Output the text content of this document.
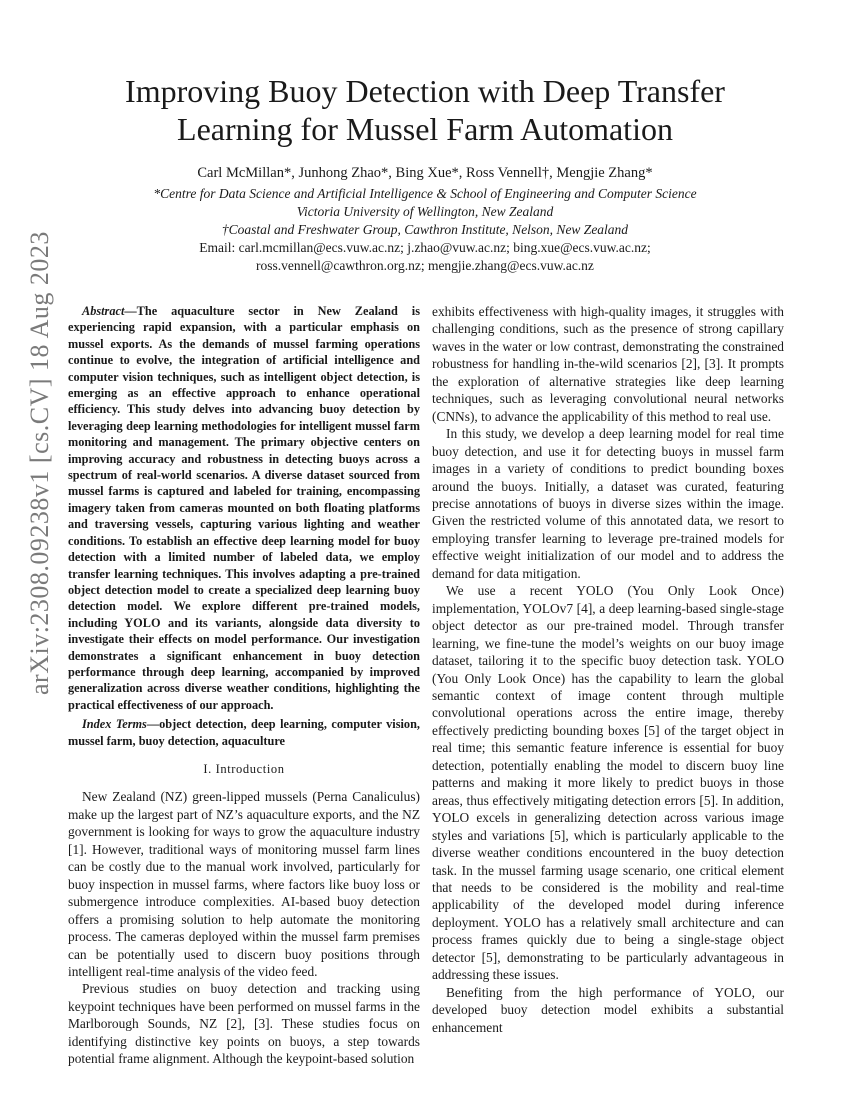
arXiv:2308.09238v1 [cs.CV] 18 Aug 2023
Improving Buoy Detection with Deep Transfer
Learning for Mussel Farm Automation
Carl McMillan*, Junhong Zhao*, Bing Xue*, Ross Vennell†, Mengjie Zhang*
*Centre for Data Science and Artificial Intelligence & School of Engineering and Computer Science
Victoria University of Wellington, New Zealand
†Coastal and Freshwater Group, Cawthron Institute, Nelson, New Zealand
Email: carl.mcmillan@ecs.vuw.ac.nz; j.zhao@vuw.ac.nz; bing.xue@ecs.vuw.ac.nz;
ross.vennell@cawthron.org.nz; mengjie.zhang@ecs.vuw.ac.nz

Abstract—The aquaculture sector in New Zealand is experiencing rapid expansion, with a particular emphasis on mussel exports. As the demands of mussel farming operations continue to evolve, the integration of artificial intelligence and computer vision techniques, such as intelligent object detection, is emerging as an effective approach to enhance operational efficiency. This study delves into advancing buoy detection by leveraging deep learning methodologies for intelligent mussel farm monitoring and management. The primary objective centers on improving accuracy and robustness in detecting buoys across a spectrum of real-world scenarios. A diverse dataset sourced from mussel farms is captured and labeled for training, encompassing imagery taken from cameras mounted on both floating platforms and traversing vessels, capturing various lighting and weather conditions. To establish an effective deep learning model for buoy detection with a limited number of labeled data, we employ transfer learning techniques. This involves adapting a pre-trained object detection model to create a specialized deep learning buoy detection model. We explore different pre-trained models, including YOLO and its variants, alongside data diversity to investigate their effects on model performance. Our investigation demonstrates a significant enhancement in buoy detection performance through deep learning, accompanied by improved generalization across diverse weather conditions, highlighting the practical effectiveness of our approach.

Index Terms—object detection, deep learning, computer vision, mussel farm, buoy detection, aquaculture

I. Introduction

New Zealand (NZ) green-lipped mussels (Perna Canaliculus) make up the largest part of NZ’s aquaculture exports, and the NZ government is looking for ways to grow the aquaculture industry [1]. However, traditional ways of monitoring mussel farm lines can be costly due to the manual work involved, particularly for buoy inspection in mussel farms, where factors like buoy loss or submergence introduce complexities. AI-based buoy detection offers a promising solution to help automate the monitoring process. The cameras deployed within the mussel farm premises can be potentially used to discern buoy positions through intelligent real-time analysis of the video feed.

Previous studies on buoy detection and tracking using keypoint techniques have been performed on mussel farms in the Marlborough Sounds, NZ [2], [3]. These studies focus on identifying distinctive key points on buoys, a step towards potential frame alignment. Although the keypoint-based solution

exhibits effectiveness with high-quality images, it struggles with challenging conditions, such as the presence of strong capillary waves in the water or low contrast, demonstrating the constrained robustness for handling in-the-wild scenarios [2], [3]. It prompts the exploration of alternative strategies like deep learning techniques, such as leveraging convolutional neural networks (CNNs), to advance the applicability of this method to real use.

In this study, we develop a deep learning model for real time buoy detection, and use it for detecting buoys in mussel farm images in a variety of conditions to predict bounding boxes around the buoys. Initially, a dataset was curated, featuring precise annotations of buoys in diverse sizes within the image. Given the restricted volume of this annotated data, we resort to employing transfer learning to leverage pre-trained models for effective weight initialization of our model and to address the demand for data mitigation.

We use a recent YOLO (You Only Look Once) implementation, YOLOv7 [4], a deep learning-based single-stage object detector as our pre-trained model. Through transfer learning, we fine-tune the model’s weights on our buoy image dataset, tailoring it to the specific buoy detection task. YOLO (You Only Look Once) has the capability to learn the global semantic context of image content through multiple convolutional operations across the entire image, thereby effectively predicting bounding boxes [5] of the target object in real time; this semantic feature inference is essential for buoy detection, potentially enabling the model to discern buoy line patterns and making it more likely to predict buoys in those areas, thus effectively mitigating detection errors [5]. In addition, YOLO excels in generalizing detection across various image styles and variations [5], which is particularly applicable to the diverse weather conditions encountered in the buoy detection task. In the mussel farming usage scenario, one critical element that needs to be considered is the mobility and real-time applicability of the developed model during inference deployment. YOLO has a relatively small architecture and can process frames quickly due to being a single-stage object detector [5], demonstrating to be particularly advantageous in addressing these issues.

Benefiting from the high performance of YOLO, our developed buoy detection model exhibits a substantial enhancement
